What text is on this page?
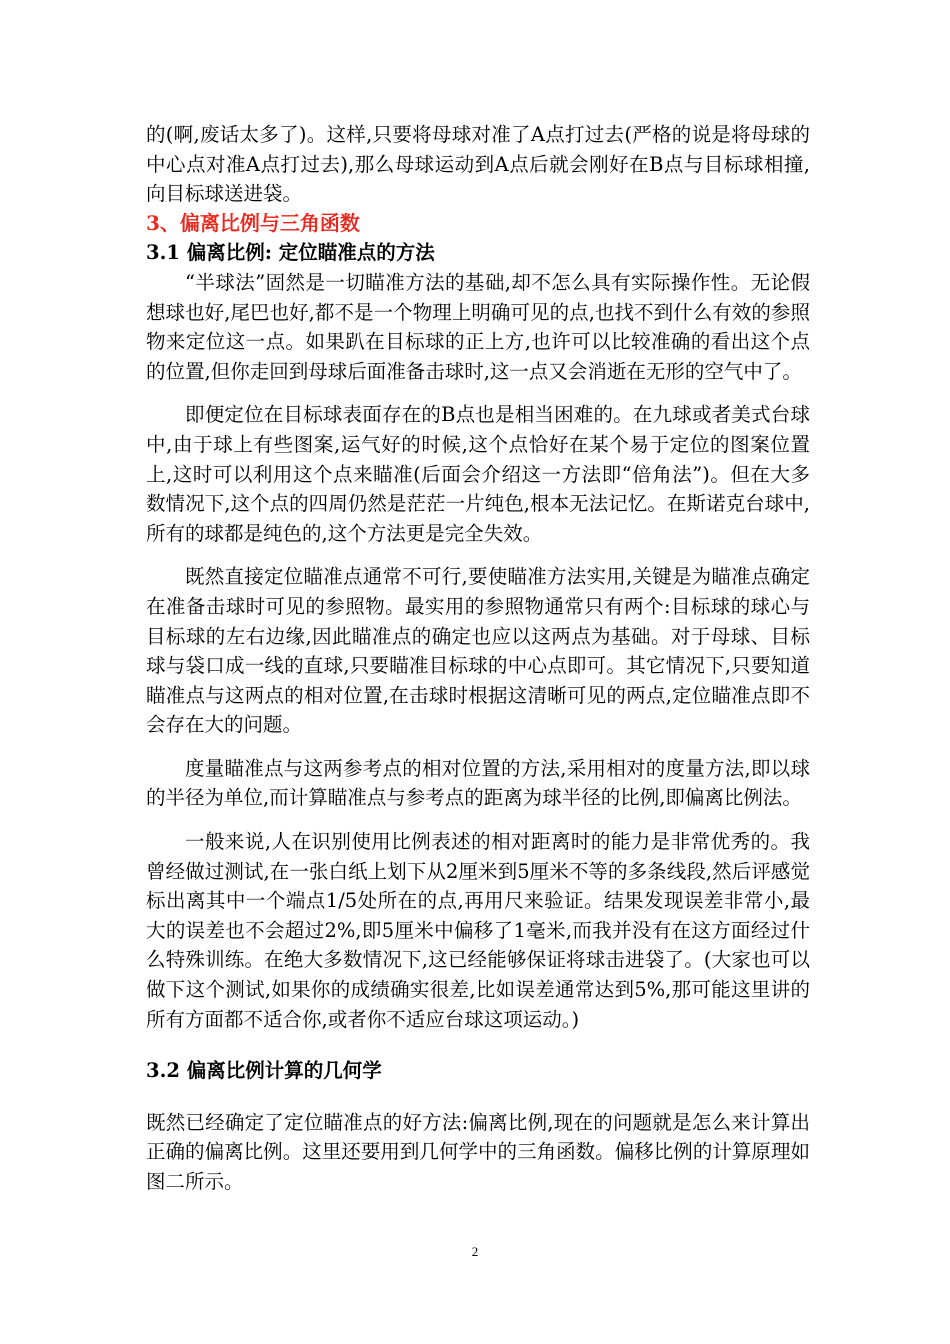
的(啊,废话太多了)。这样,只要将母球对准了A点打过去(严格的说是将母球的中心点对准A点打过去),那么母球运动到A点后就会刚好在B点与目标球相撞,向目标球送进袋。

3、偏离比例与三角函数
3.1 偏离比例: 定位瞄准点的方法

“半球法”固然是一切瞄准方法的基础,却不怎么具有实际操作性。无论假想球也好,尾巴也好,都不是一个物理上明确可见的点,也找不到什么有效的参照 物来定位这一点。如果趴在目标球的正上方,也许可以比较准确的看出这个点的位置,但你走回到母球后面准备击球时,这一点又会消逝在无形的空气中了。

即便定位在目标球表面存在的B点也是相当困难的。在九球或者美式台球中,由于球上有些图案,运气好的时候,这个点恰好在某个易于定位的图案位置上,这时可以利用这个点来瞄准(后面会介绍这一方法即“倍角法”)。但在大多数情况下,这个点的四周仍然是茫茫一片纯色,根本无法记忆。在斯诺克台球中,所有的球都是纯色的,这个方法更是完全失效。

既然直接定位瞄准点通常不可行,要使瞄准方法实用,关键是为瞄准点确定在准备击球时可见的参照物。最实用的参照物通常只有两个:目标球的球心与目标球的左右边缘,因此瞄准点的确定也应以这两点为基础。对于母球、目标球与袋口成一线的直球,只要瞄准目标球的中心点即可。其它情况下,只要知道瞄准点与这两点的相对位置,在击球时根据这清晰可见的两点,定位瞄准点即不会存在大的问题。

度量瞄准点与这两参考点的相对位置的方法,采用相对的度量方法,即以球的半径为单位,而计算瞄准点与参考点的距离为球半径的比例,即偏离比例法。

一般来说,人在识别使用比例表述的相对距离时的能力是非常优秀的。我曾经做过测试,在一张白纸上划下从2厘米到5厘米不等的多条线段,然后评感觉标出离其中一个端点1/5处所在的点,再用尺来验证。结果发现误差非常小,最大的误差也不会超过2%,即5厘米中偏移了1毫米,而我并没有在这方面经过什么特殊训练。在绝大多数情况下,这已经能够保证将球击进袋了。(大家也可以做下这个测试,如果你的成绩确实很差,比如误差通常达到5%,那可能这里讲的所有方面都不适合你,或者你不适应台球这项运动。)

3.2 偏离比例计算的几何学

既然已经确定了定位瞄准点的好方法:偏离比例,现在的问题就是怎么来计算出正确的偏离比例。这里还要用到几何学中的三角函数。偏移比例的计算原理如图二所示。

2
